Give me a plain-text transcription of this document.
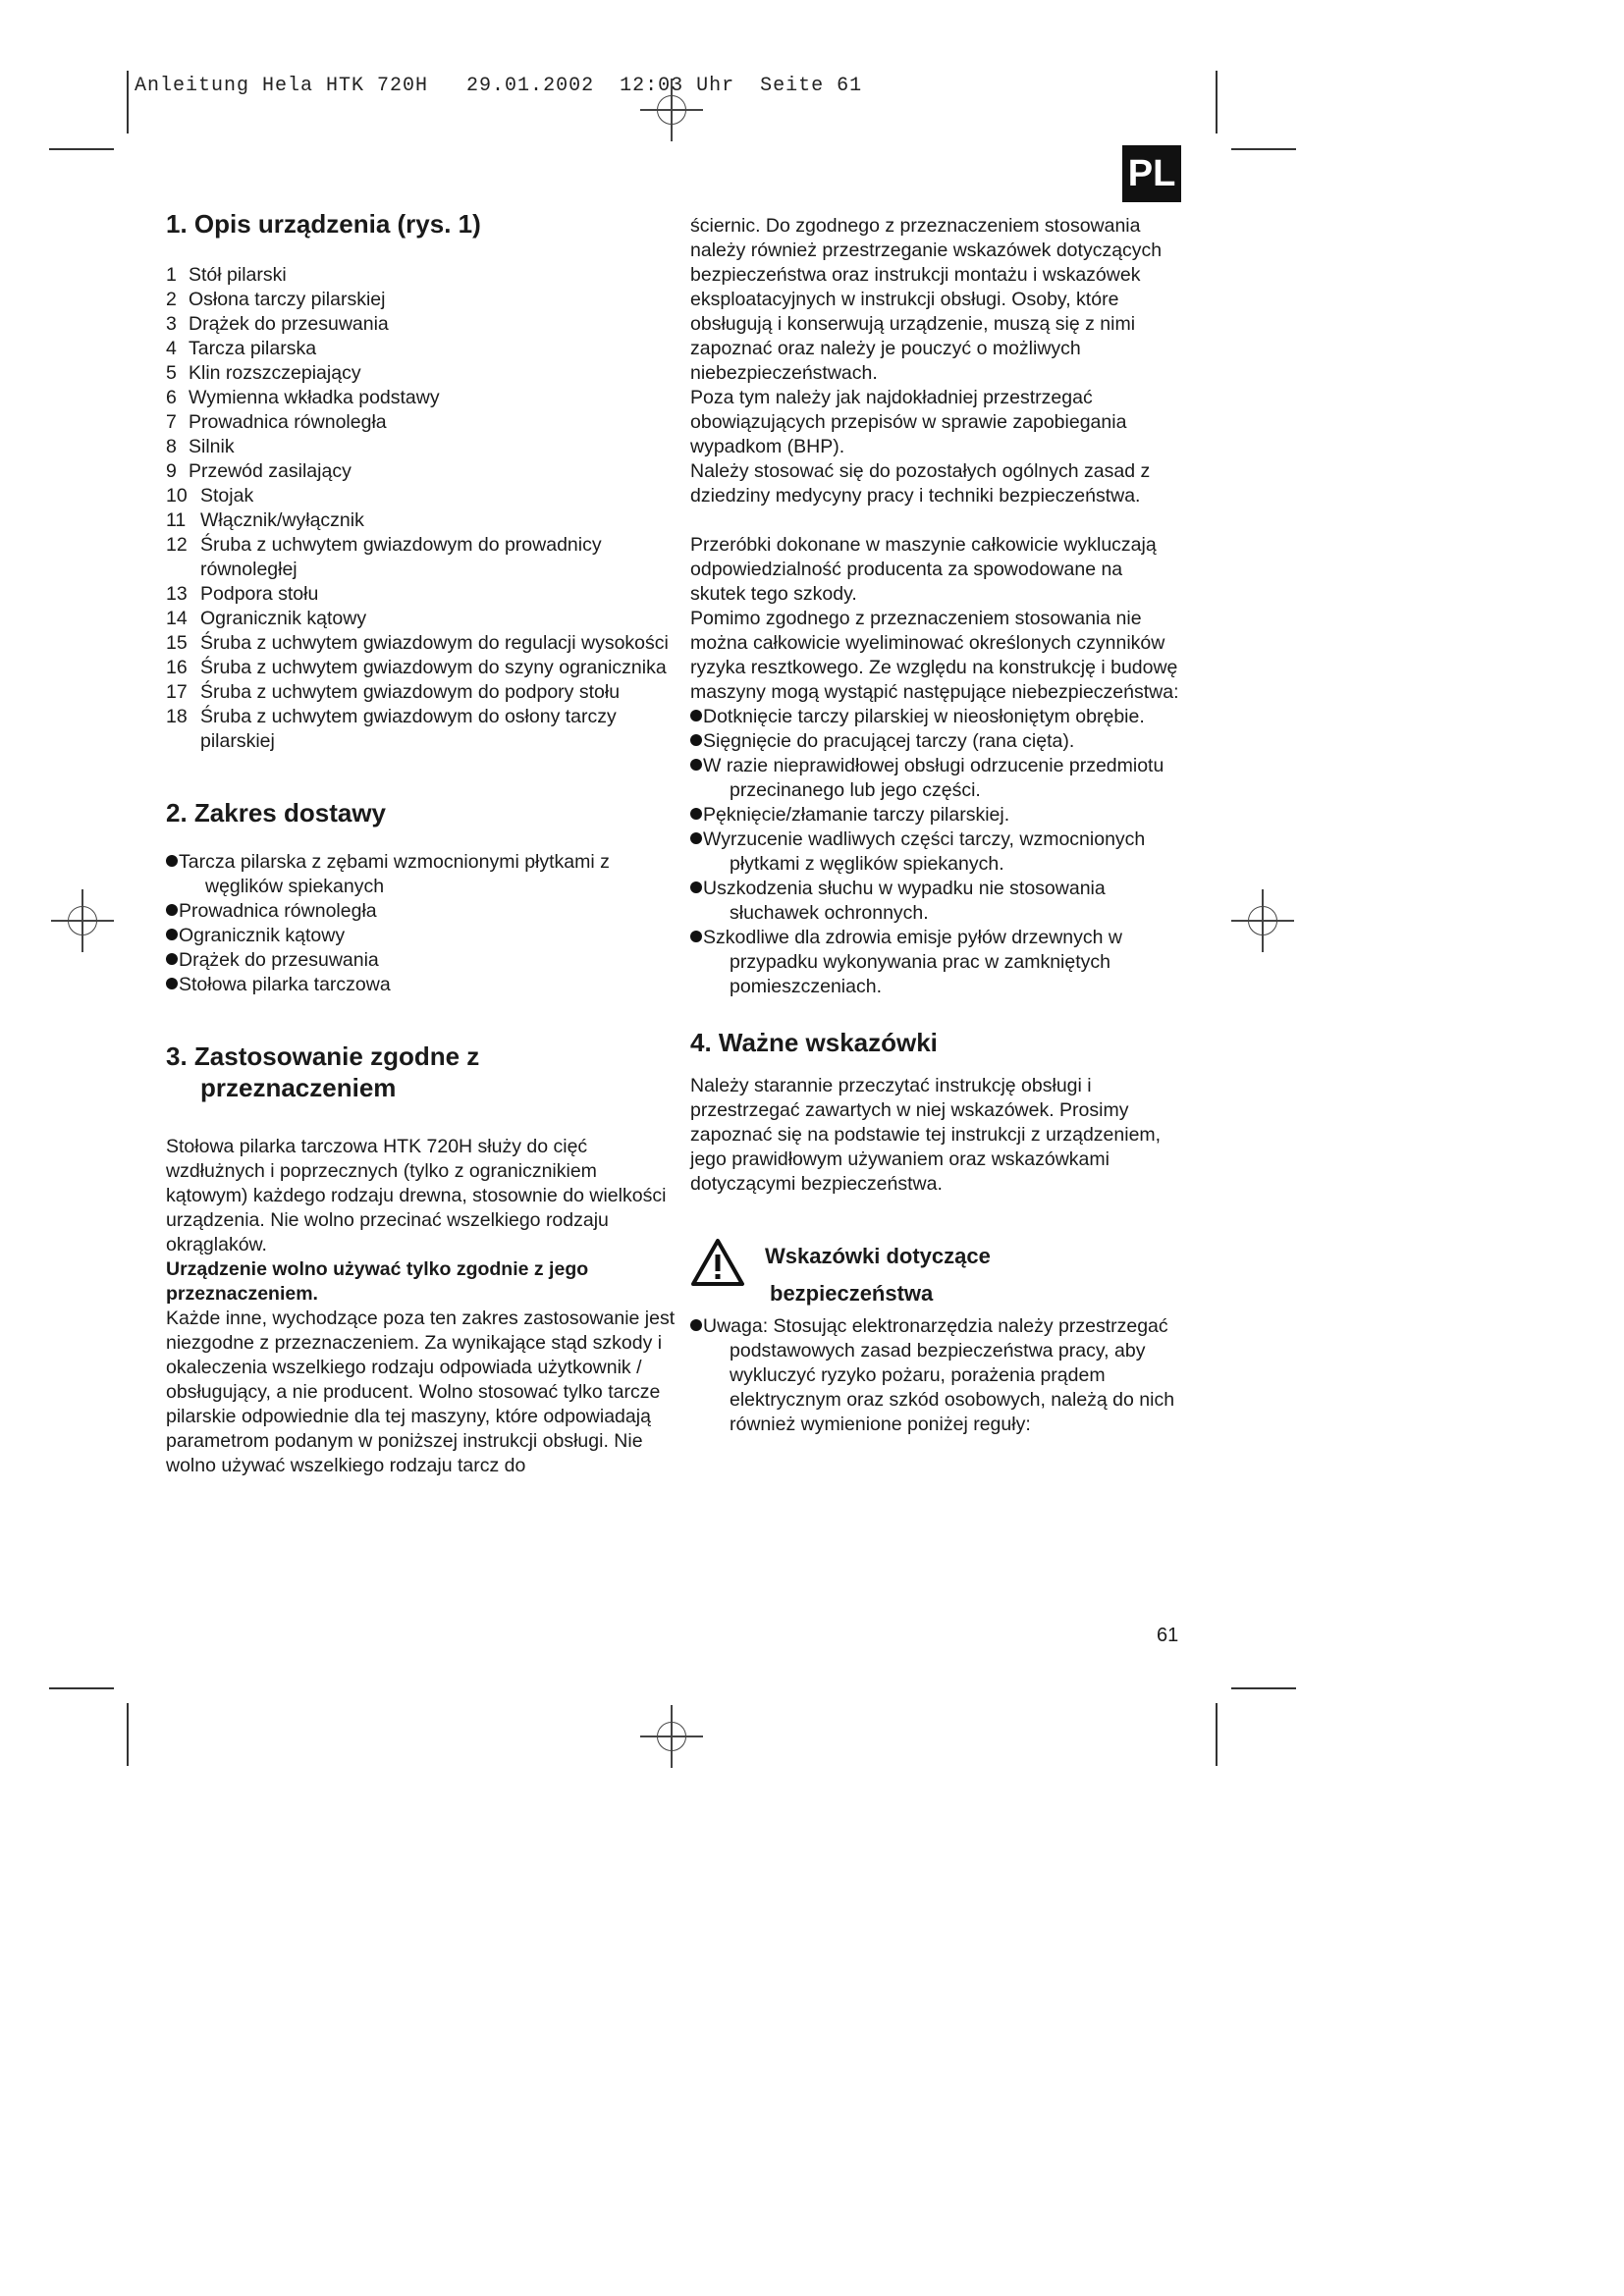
Anleitung Hela HTK 720H   29.01.2002  12:03 Uhr  Seite 61
PL
1. Opis urządzenia (rys. 1)
1 Stół pilarski
2 Osłona tarczy pilarskiej
3 Drążek do przesuwania
4 Tarcza pilarska
5 Klin rozszczepiający
6 Wymienna wkładka podstawy
7 Prowadnica równoległa
8 Silnik
9 Przewód zasilający
10 Stojak
11 Włącznik/wyłącznik
12 Śruba z uchwytem gwiazdowym do prowadnicy równoległej
13 Podpora stołu
14 Ogranicznik kątowy
15 Śruba z uchwytem gwiazdowym do regulacji wysokości
16 Śruba z uchwytem gwiazdowym do szyny ogranicznika
17 Śruba z uchwytem gwiazdowym do podpory stołu
18 Śruba z uchwytem gwiazdowym do osłony tarczy pilarskiej
2. Zakres dostawy
Tarcza pilarska z zębami wzmocnionymi płytkami z węglików spiekanych
Prowadnica równoległa
Ogranicznik kątowy
Drążek do przesuwania
Stołowa pilarka tarczowa
3. Zastosowanie zgodne z
przeznaczeniem

Stołowa pilarka tarczowa HTK 720H służy do cięć wzdłużnych i poprzecznych (tylko z ogranicznikiem kątowym) każdego rodzaju drewna, stosownie do wielkości urządzenia. Nie wolno przecinać wszelkiego rodzaju okrąglaków.

Urządzenie wolno używać tylko zgodnie z jego przeznaczeniem.

Każde inne, wychodzące poza ten zakres zastosowanie jest niezgodne z przeznaczeniem. Za wynikające stąd szkody i okaleczenia wszelkiego rodzaju odpowiada użytkownik / obsługujący, a nie producent. Wolno stosować tylko tarcze pilarskie odpowiednie dla tej maszyny, które odpowiadają parametrom podanym w poniższej instrukcji obsługi. Nie wolno używać wszelkiego rodzaju tarcz do

ściernic. Do zgodnego z przeznaczeniem stosowania należy również przestrzeganie wskazówek dotyczących bezpieczeństwa oraz instrukcji montażu i wskazówek eksploatacyjnych w instrukcji obsługi. Osoby, które obsługują i konserwują urządzenie, muszą się z nimi zapoznać oraz należy je pouczyć o możliwych niebezpieczeństwach.

Poza tym należy jak najdokładniej przestrzegać obowiązujących przepisów w sprawie zapobiegania wypadkom (BHP).

Należy stosować się do pozostałych ogólnych zasad z dziedziny medycyny pracy i techniki bezpieczeństwa.

Przeróbki dokonane w maszynie całkowicie wykluczają odpowiedzialność producenta za spowodowane na skutek tego szkody.

Pomimo zgodnego z przeznaczeniem stosowania nie można całkowicie wyeliminować określonych czynników ryzyka resztkowego. Ze względu na konstrukcję i budowę maszyny mogą wystąpić następujące niebezpieczeństwa:

Dotknięcie tarczy pilarskiej w nieosłoniętym obrębie.
Sięgnięcie do pracującej tarczy (rana cięta).
W razie nieprawidłowej obsługi odrzucenie przedmiotu przecinanego lub jego części.
Pęknięcie/złamanie tarczy pilarskiej.
Wyrzucenie wadliwych części tarczy, wzmocnionych płytkami z węglików spiekanych.
Uszkodzenia słuchu w wypadku nie stosowania słuchawek ochronnych.
Szkodliwe dla zdrowia emisje pyłów drzewnych w przypadku wykonywania prac w zamkniętych pomieszczeniach.
4. Ważne wskazówki

Należy starannie przeczytać instrukcję obsługi i przestrzegać zawartych w niej wskazówek. Prosimy zapoznać się na podstawie tej instrukcji z urządzeniem, jego prawidłowym używaniem oraz wskazówkami dotyczącymi bezpieczeństwa.

Wskazówki dotyczące
bezpieczeństwa
Uwaga: Stosując elektronarzędzia należy przestrzegać podstawowych zasad bezpieczeństwa pracy, aby wykluczyć ryzyko pożaru, porażenia prądem elektrycznym oraz szkód osobowych, należą do nich również wymienione poniżej reguły:
61
